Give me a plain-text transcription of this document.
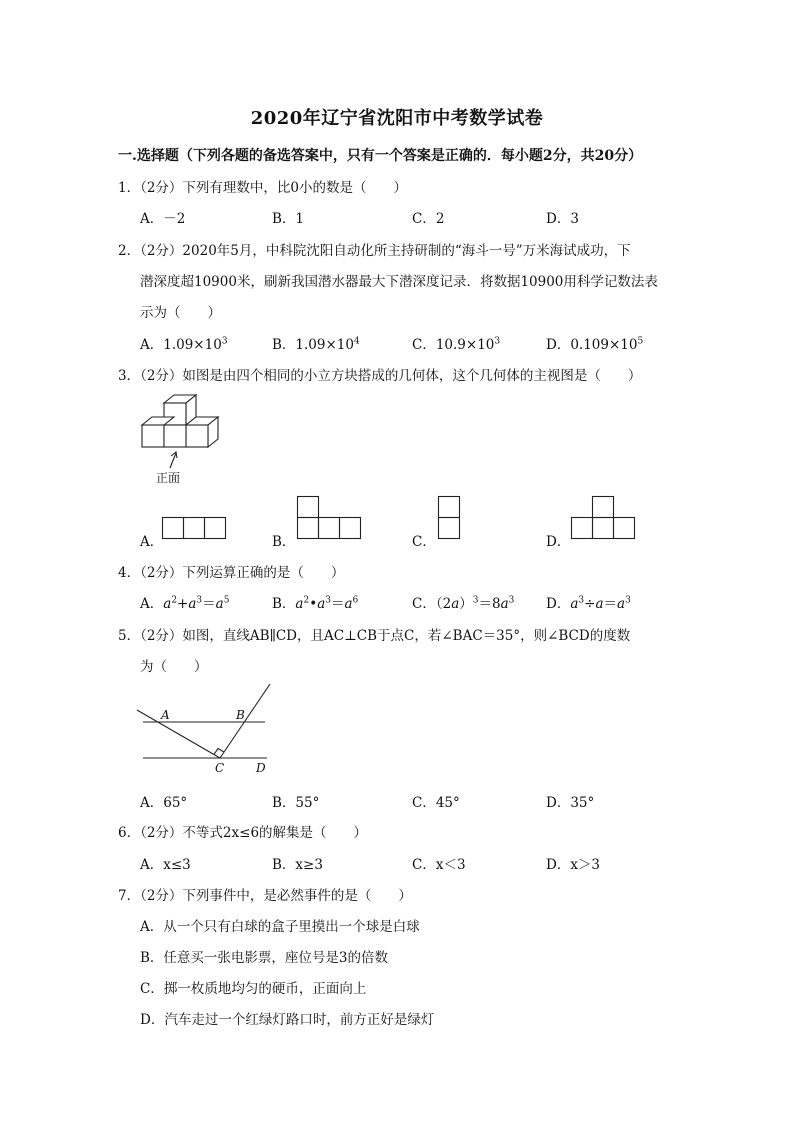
2020年辽宁省沈阳市中考数学试卷
一.选择题（下列各题的备选答案中，只有一个答案是正确的．每小题2分，共20分）
1．（2分）下列有理数中，比0小的数是（　　）
A．－2	B．1	C．2	D．3
2．（2分）2020年5月，中科院沈阳自动化所主持研制的“海斗一号”万米海试成功，下
潜深度超10900米，刷新我国潜水器最大下潜深度记录．将数据10900用科学记数法表
示为（　　）
A．$1.09\times 10^3$	B．$1.09\times 10^4$	C．$10.9\times 10^3$	D．$0.109\times 10^5$
3．（2分）如图是由四个相同的小立方块搭成的几何体，这个几何体的主视图是（　　）
正面
A．	B．	C．	D．
4．（2分）下列运算正确的是（　　）
A．$a^2+a^3=a^5$	B．$a^2•a^3=a^6$	C．$(2a)^3=8a^3$ D．$a^3\div a=a^3$
5．（2分）如图，直线AB∥CD，且AC⊥CB于点C，若∠BAC＝35°，则∠BCD的度数
为（　　）
A	B
C	D
A．65°	B．55°	C．45°	D．35°
6．（2分）不等式2x≤6的解集是（　　）
A．x≤3	B．x≥3	C．x＜3	D．x＞3
7．（2分）下列事件中，是必然事件的是（　　）
A．从一个只有白球的盒子里摸出一个球是白球
B．任意买一张电影票，座位号是3的倍数
C．掷一枚质地均匀的硬币，正面向上
D．汽车走过一个红绿灯路口时，前方正好是绿灯
